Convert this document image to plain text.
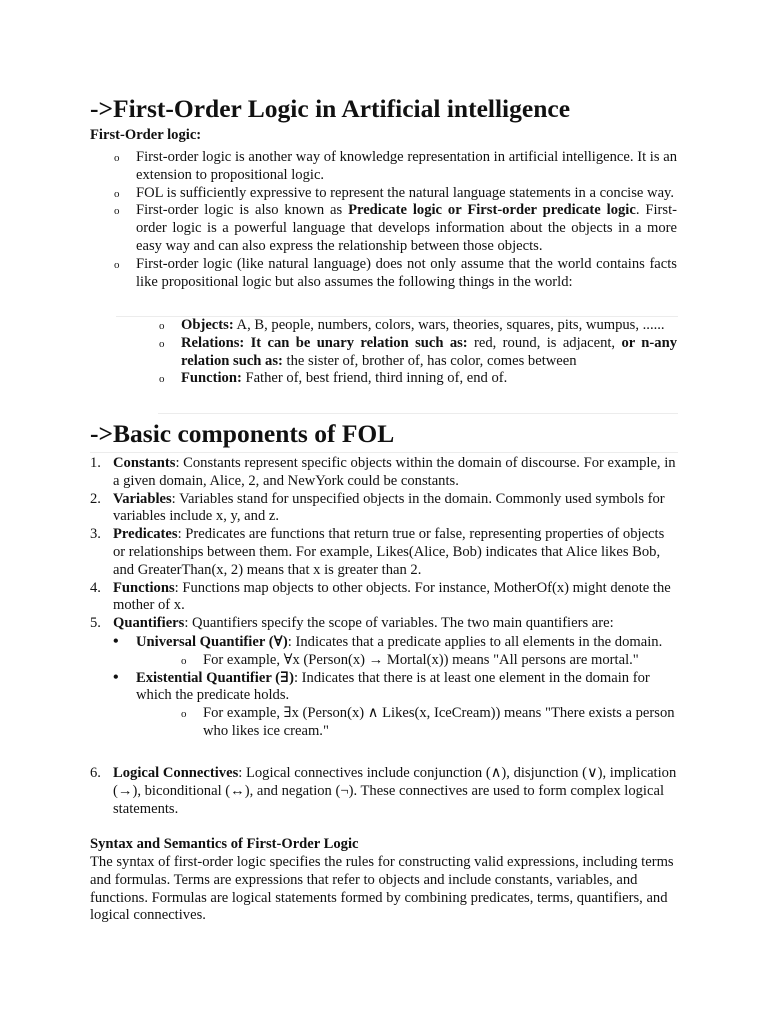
->First-Order Logic in Artificial intelligence
First-Order logic:
o First-order logic is another way of knowledge representation in artificial intelligence. It is an extension to propositional logic.
o FOL is sufficiently expressive to represent the natural language statements in a concise way.
o First-order logic is also known as Predicate logic or First-order predicate logic. First-order logic is a powerful language that develops information about the objects in a more easy way and can also express the relationship between those objects.
o First-order logic (like natural language) does not only assume that the world contains facts like propositional logic but also assumes the following things in the world:
o Objects: A, B, people, numbers, colors, wars, theories, squares, pits, wumpus, ......
o Relations: It can be unary relation such as: red, round, is adjacent, or n-any relation such as: the sister of, brother of, has color, comes between
o Function: Father of, best friend, third inning of, end of.
->Basic components of FOL
1. Constants: Constants represent specific objects within the domain of discourse. For example, in a given domain, Alice, 2, and NewYork could be constants.
2. Variables: Variables stand for unspecified objects in the domain. Commonly used symbols for variables include x, y, and z.
3. Predicates: Predicates are functions that return true or false, representing properties of objects or relationships between them. For example, Likes(Alice, Bob) indicates that Alice likes Bob, and GreaterThan(x, 2) means that x is greater than 2.
4. Functions: Functions map objects to other objects. For instance, MotherOf(x) might denote the mother of x.
5. Quantifiers: Quantifiers specify the scope of variables. The two main quantifiers are:
• Universal Quantifier (∀): Indicates that a predicate applies to all elements in the domain.
o For example, ∀x (Person(x) → Mortal(x)) means "All persons are mortal."
• Existential Quantifier (∃): Indicates that there is at least one element in the domain for which the predicate holds.
o For example, ∃x (Person(x) ∧ Likes(x, IceCream)) means "There exists a person who likes ice cream."
6. Logical Connectives: Logical connectives include conjunction (∧), disjunction (∨), implication (→), biconditional (↔), and negation (¬). These connectives are used to form complex logical statements.
Syntax and Semantics of First-Order Logic

The syntax of first-order logic specifies the rules for constructing valid expressions, including terms and formulas. Terms are expressions that refer to objects and include constants, variables, and functions. Formulas are logical statements formed by combining predicates, terms, quantifiers, and logical connectives.
